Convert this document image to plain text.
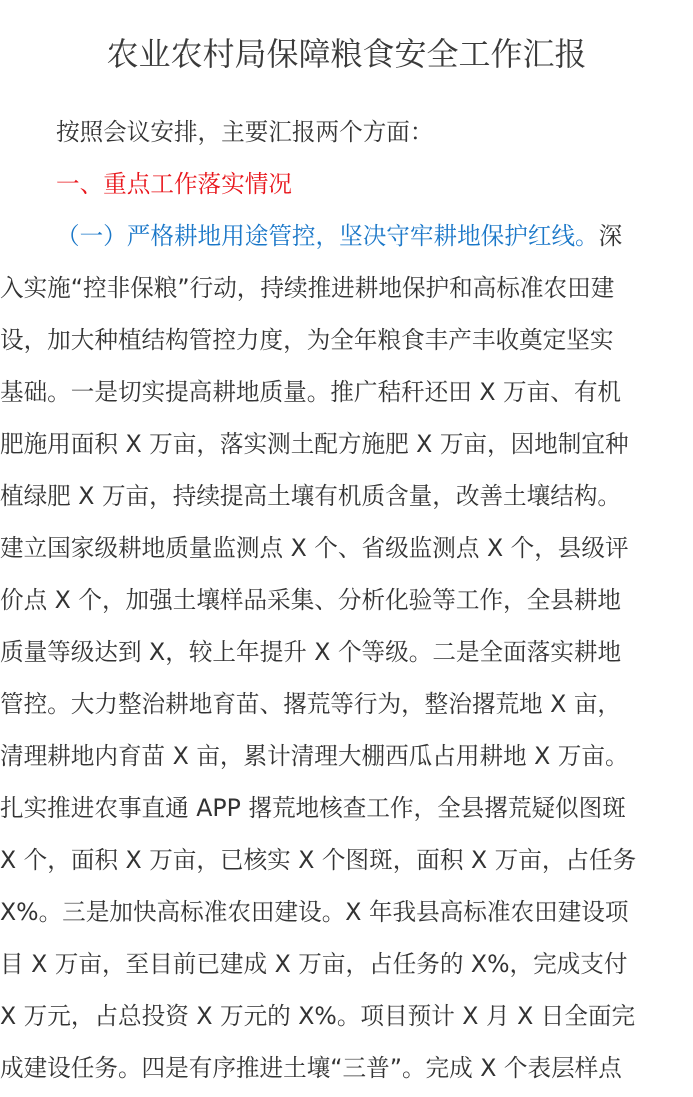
农业农村局保障粮食安全工作汇报

按照会议安排，主要汇报两个方面：

一、重点工作落实情况

（一）严格耕地用途管控，坚决守牢耕地保护红线。深

入实施“控非保粮”行动，持续推进耕地保护和高标准农田建

设，加大种植结构管控力度，为全年粮食丰产丰收奠定坚实

基础。一是切实提高耕地质量。推广秸秆还田 X 万亩、有机

肥施用面积 X 万亩，落实测土配方施肥 X 万亩，因地制宜种

植绿肥 X 万亩，持续提高土壤有机质含量，改善土壤结构。

建立国家级耕地质量监测点 X 个、省级监测点 X 个，县级评

价点 X 个，加强土壤样品采集、分析化验等工作，全县耕地

质量等级达到 X，较上年提升 X 个等级。二是全面落实耕地

管控。大力整治耕地育苗、撂荒等行为，整治撂荒地 X 亩，

清理耕地内育苗 X 亩，累计清理大棚西瓜占用耕地 X 万亩。

扎实推进农事直通 APP 撂荒地核查工作，全县撂荒疑似图斑

X 个，面积 X 万亩，已核实 X 个图斑，面积 X 万亩，占任务

X%。三是加快高标准农田建设。X 年我县高标准农田建设项

目 X 万亩，至目前已建成 X 万亩，占任务的 X%，完成支付

X 万元，占总投资 X 万元的 X%。项目预计 X 月 X 日全面完

成建设任务。四是有序推进土壤“三普”。完成 X 个表层样点
